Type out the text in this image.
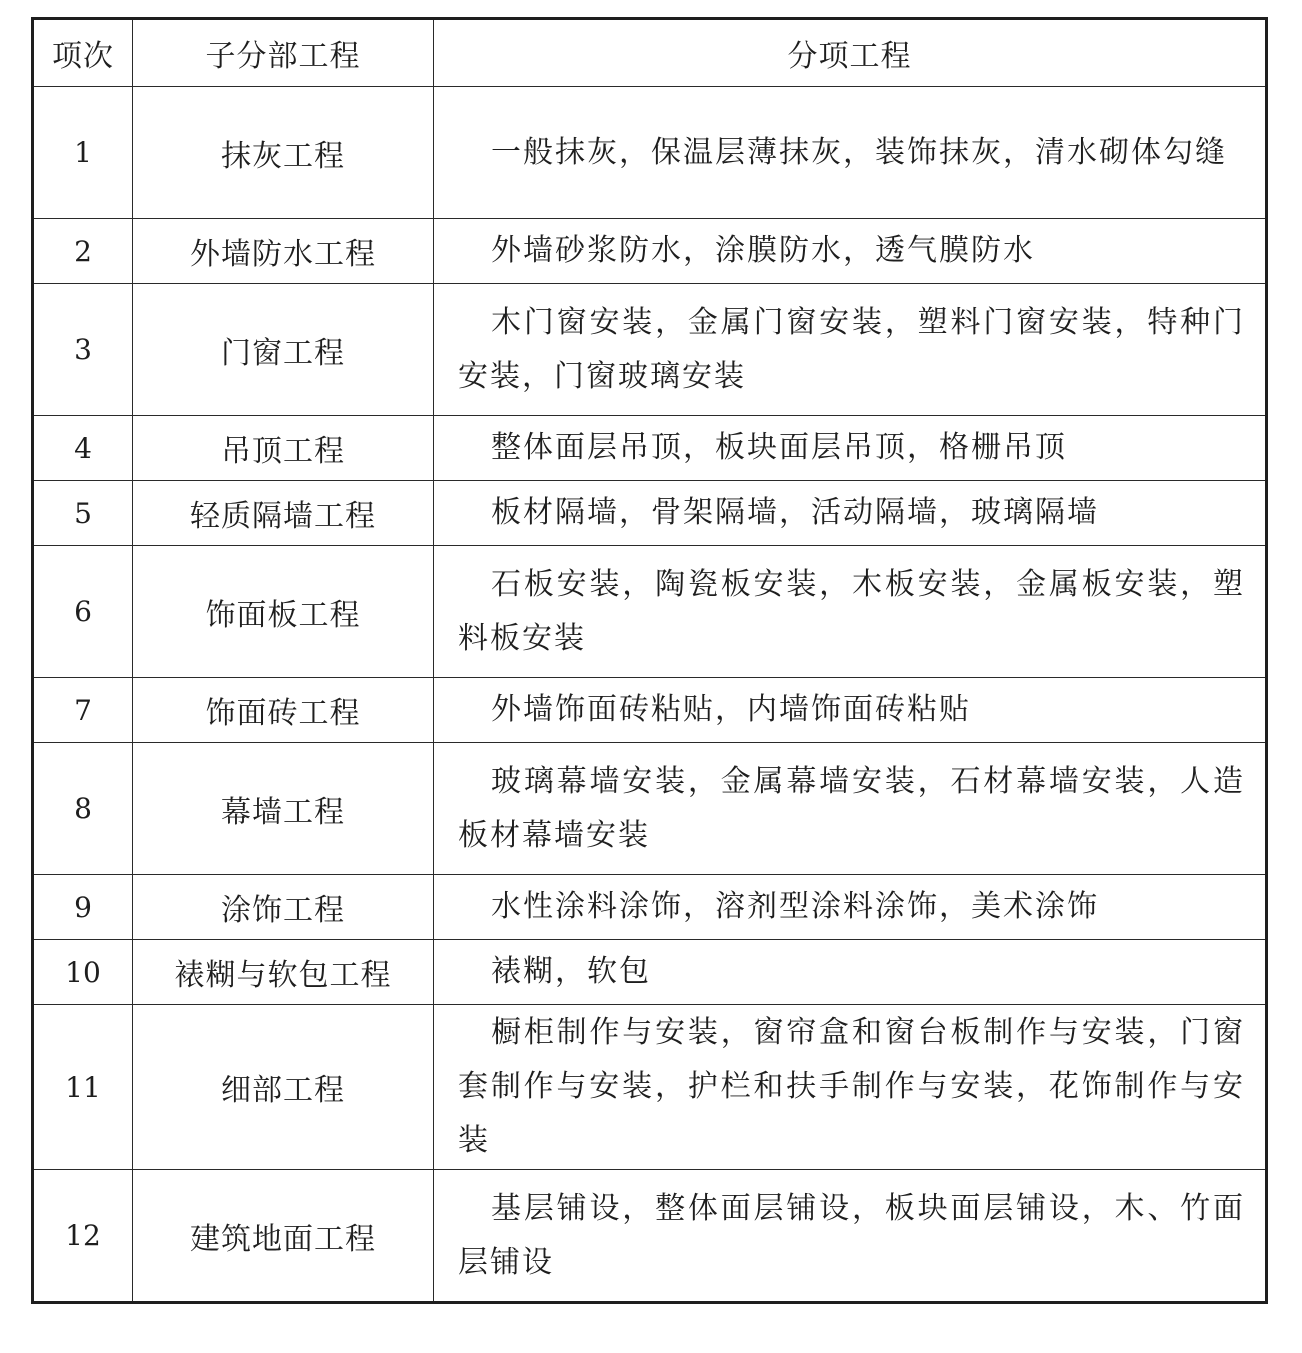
项次	子分部工程	分项工程
1	抹灰工程	一般抹灰，保温层薄抹灰，装饰抹灰，清水砌体勾缝
2	外墙防水工程	外墙砂浆防水，涂膜防水，透气膜防水
3	门窗工程	木门窗安装，金属门窗安装，塑料门窗安装，特种门安装，门窗玻璃安装
4	吊顶工程	整体面层吊顶，板块面层吊顶，格栅吊顶
5	轻质隔墙工程	板材隔墙，骨架隔墙，活动隔墙，玻璃隔墙
6	饰面板工程	石板安装，陶瓷板安装，木板安装，金属板安装，塑料板安装
7	饰面砖工程	外墙饰面砖粘贴，内墙饰面砖粘贴
8	幕墙工程	玻璃幕墙安装，金属幕墙安装，石材幕墙安装，人造板材幕墙安装
9	涂饰工程	水性涂料涂饰，溶剂型涂料涂饰，美术涂饰
10	裱糊与软包工程	裱糊，软包
11	细部工程	橱柜制作与安装，窗帘盒和窗台板制作与安装，门窗套制作与安装，护栏和扶手制作与安装，花饰制作与安装
12	建筑地面工程	基层铺设，整体面层铺设，板块面层铺设，木、竹面层铺设
